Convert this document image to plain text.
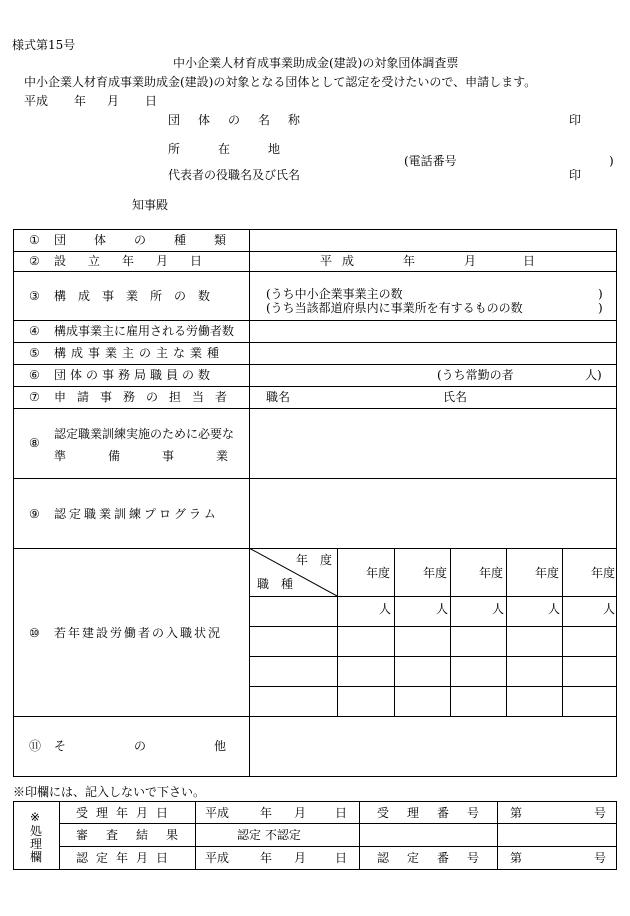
様式第15号
中小企業人材育成事業助成金(建設)の対象団体調査票
中小企業人材育成事業助成金(建設)の対象となる団体として認定を受けたいので、申請します。
平成 年 月 日
団体の名称	印
所在地
(電話番号	)
代表者の役職名及び氏名	印
知事殿
① 団体の種類
② 設立年月日	平成	年	月	日
③ 構成事業所の数	(うち中小企業事業主の数	)
(うち当該都道府県内に事業所を有するものの数	)
④ 構成事業主に雇用される労働者数
⑤ 構成事業主の主な業種
⑥ 団体の事務局職員の数	(うち常勤の者	人)
⑦ 申請事務の担当者 職名	氏名
⑧
認定職業訓練実施のために必要な
準備事業
⑨ 認定職業訓練プログラム
⑩ 若年建設労働者の入職状況
年度
職種
年度	年度	年度	年度	年度
人	人	人	人	人
⑪ その他
※印欄には、記入しないで下さい。
※
処理欄
受理年月日 平成	年 月 日 受理番号 第	号
審査結果	認定 不認定
認定年月日 平成	年 月 日 認定番号 第	号
